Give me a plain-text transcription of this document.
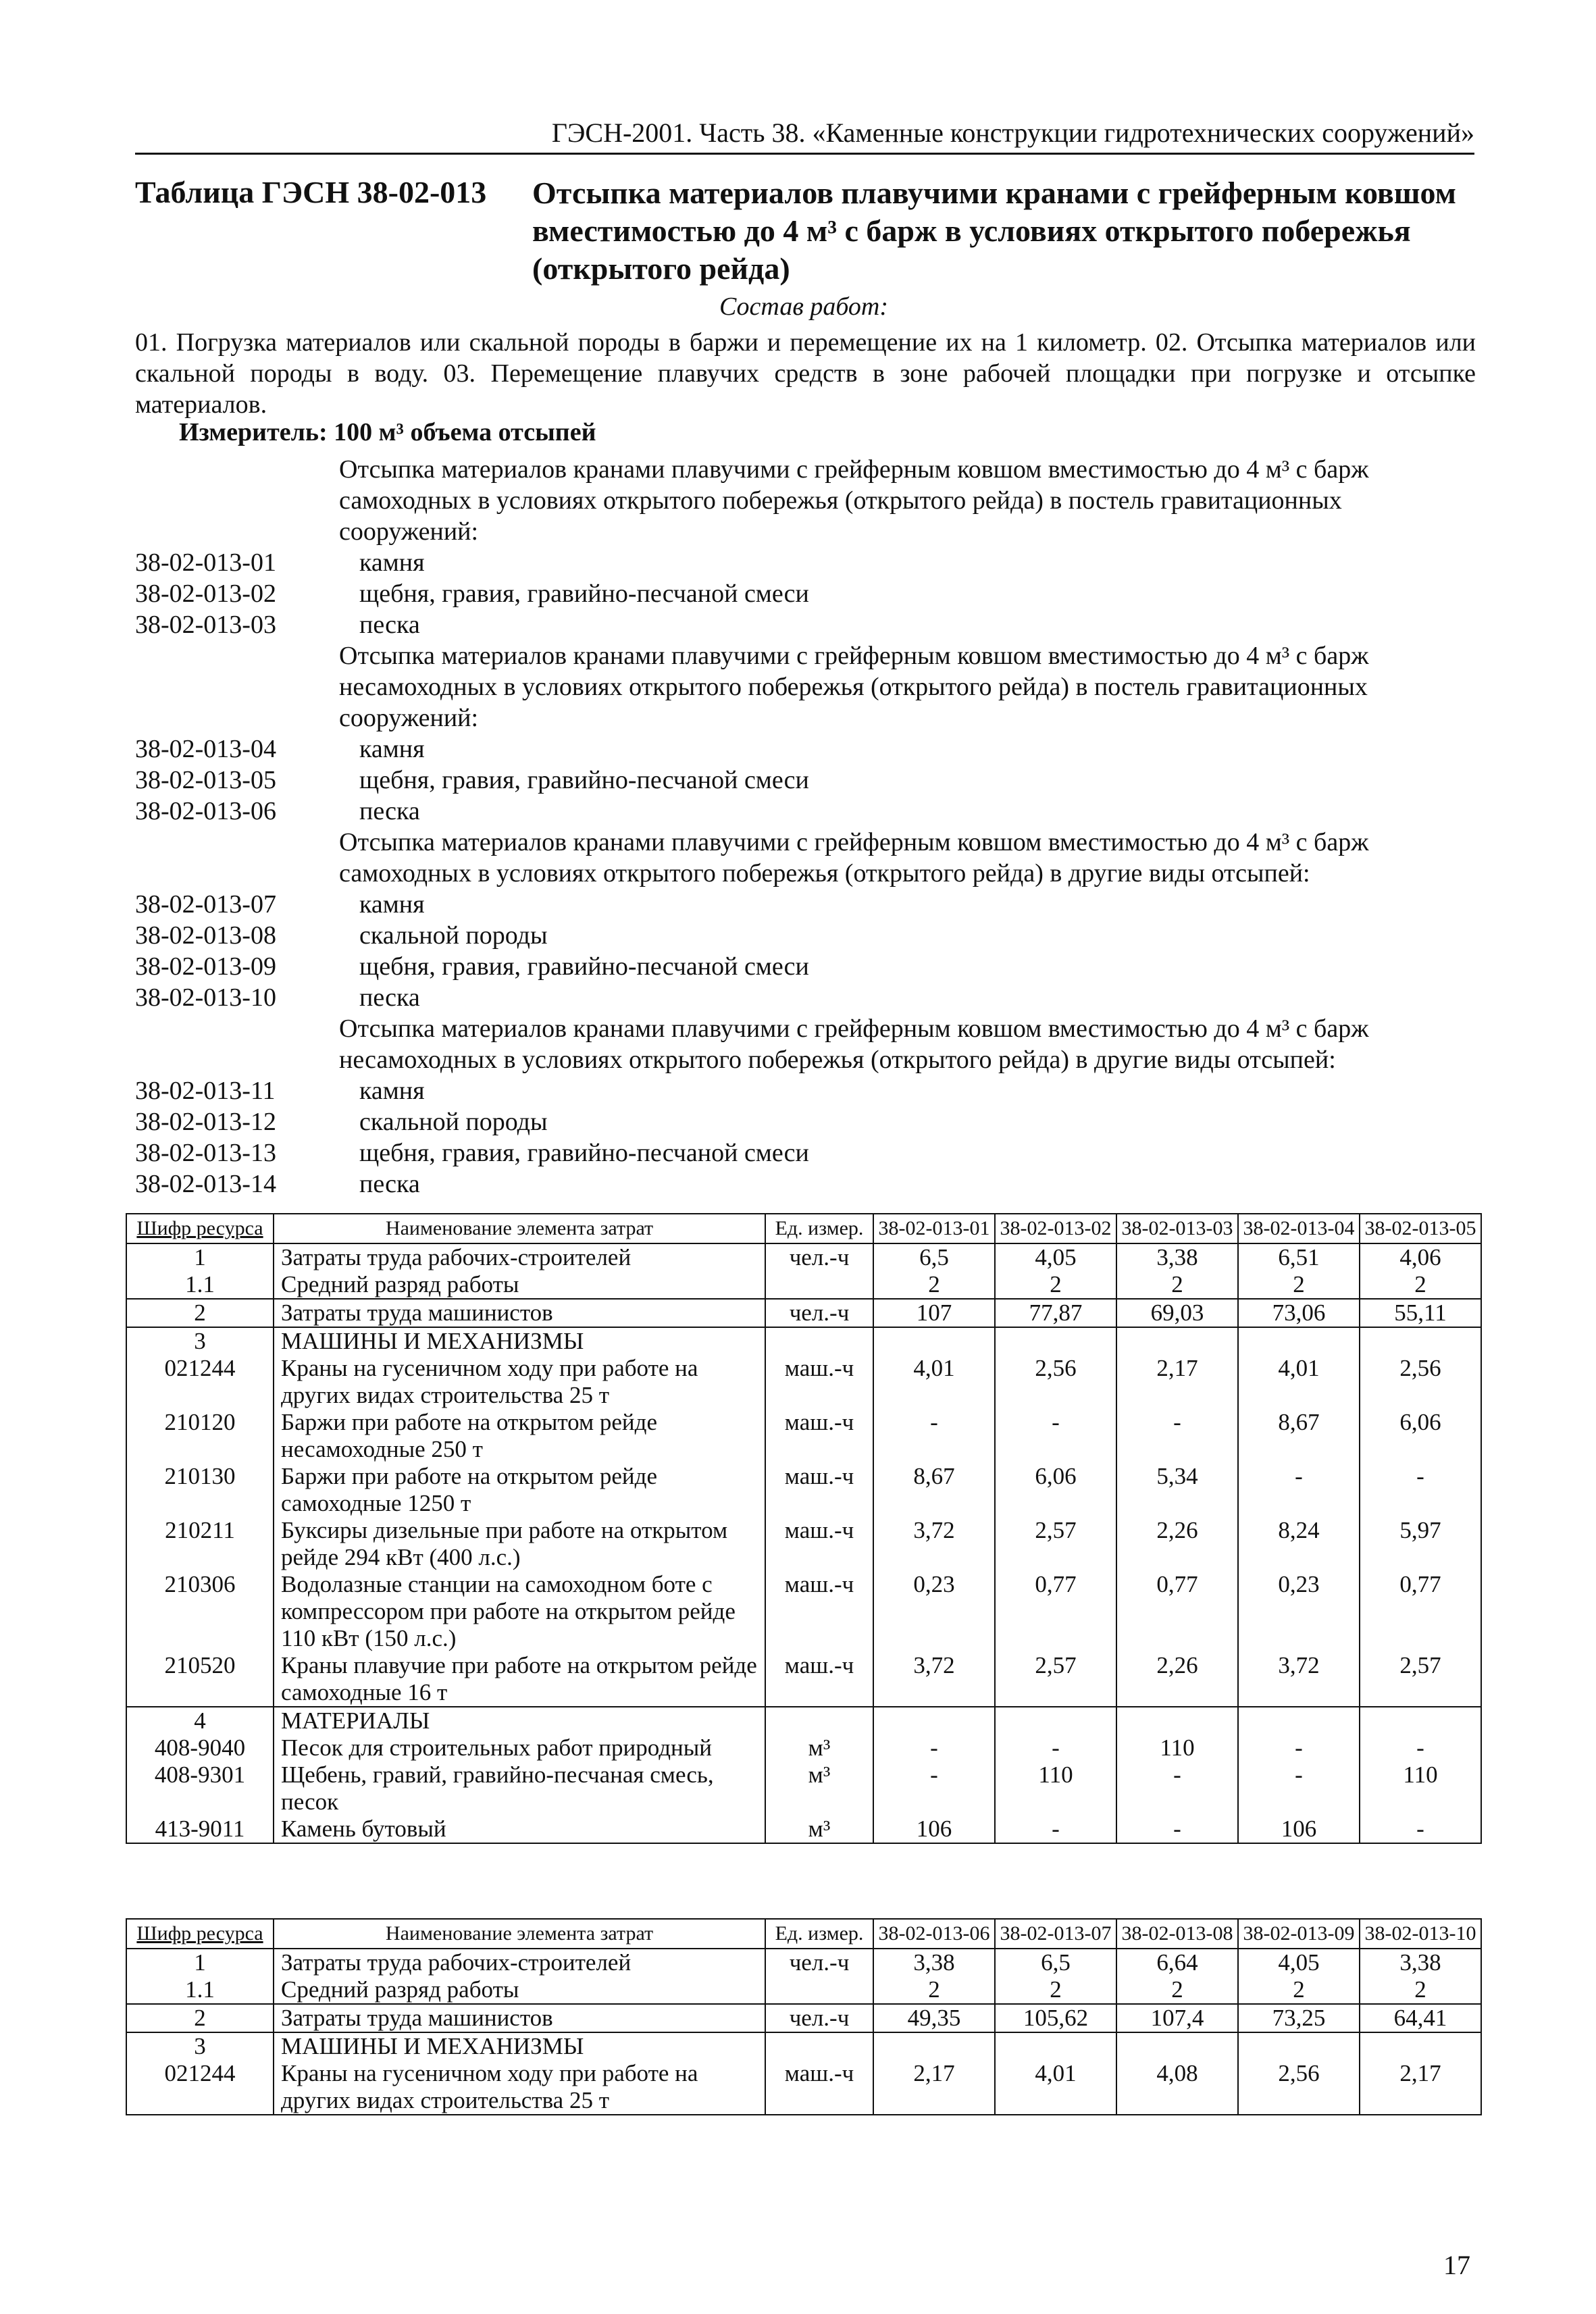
ГЭСН-2001. Часть 38. «Каменные конструкции гидротехнических сооружений»
Таблица ГЭСН 38-02-013 Отсыпка материалов плавучими кранами с грейферным ковшом вместимостью до 4 м³ с барж в условиях открытого побережья (открытого рейда)
Состав работ:
01. Погрузка материалов или скальной породы в баржи и перемещение их на 1 километр. 02. Отсыпка материалов или скальной породы в воду. 03. Перемещение плавучих средств в зоне рабочей площадки при погрузке и отсыпке материалов.
Измеритель: 100 м³ объема отсыпей
Отсыпка материалов кранами плавучими с грейферным ковшом вместимостью до 4 м³ с барж самоходных в условиях открытого побережья (открытого рейда) в постель гравитационных сооружений:
38-02-013-01	камня
38-02-013-02	щебня, гравия, гравийно-песчаной смеси
38-02-013-03	песка
Отсыпка материалов кранами плавучими с грейферным ковшом вместимостью до 4 м³ с барж несамоходных в условиях открытого побережья (открытого рейда) в постель гравитационных сооружений:
38-02-013-04	камня
38-02-013-05	щебня, гравия, гравийно-песчаной смеси
38-02-013-06	песка
Отсыпка материалов кранами плавучими с грейферным ковшом вместимостью до 4 м³ с барж самоходных в условиях открытого побережья (открытого рейда) в другие виды отсыпей:
38-02-013-07	камня
38-02-013-08	скальной породы
38-02-013-09	щебня, гравия, гравийно-песчаной смеси
38-02-013-10	песка
Отсыпка материалов кранами плавучими с грейферным ковшом вместимостью до 4 м³ с барж несамоходных в условиях открытого побережья (открытого рейда) в другие виды отсыпей:
38-02-013-11	камня
38-02-013-12	скальной породы
38-02-013-13	щебня, гравия, гравийно-песчаной смеси
38-02-013-14	песка
Шифр ресурса	Наименование элемента затрат	Ед. измер.	38-02-013-01	38-02-013-02	38-02-013-03	38-02-013-04	38-02-013-05
1	Затраты труда рабочих-строителей	чел.-ч	6,5	4,05	3,38	6,51	4,06
1.1	Средний разряд работы		2	2	2	2	2
2	Затраты труда машинистов	чел.-ч	107	77,87	69,03	73,06	55,11
3	МАШИНЫ И МЕХАНИЗМЫ						
021244	Краны на гусеничном ходу при работе на других видах строительства 25 т	маш.-ч	4,01	2,56	2,17	4,01	2,56
210120	Баржи при работе на открытом рейде несамоходные 250 т	маш.-ч	-	-	-	8,67	6,06
210130	Баржи при работе на открытом рейде самоходные 1250 т	маш.-ч	8,67	6,06	5,34	-	-
210211	Буксиры дизельные при работе на открытом рейде 294 кВт (400 л.с.)	маш.-ч	3,72	2,57	2,26	8,24	5,97
210306	Водолазные станции на самоходном боте с компрессором при работе на открытом рейде 110 кВт (150 л.с.)	маш.-ч	0,23	0,77	0,77	0,23	0,77
210520	Краны плавучие при работе на открытом рейде самоходные 16 т	маш.-ч	3,72	2,57	2,26	3,72	2,57
4	МАТЕРИАЛЫ						
408-9040	Песок для строительных работ природный	м³	-	-	110	-	-
408-9301	Щебень, гравий, гравийно-песчаная смесь, песок	м³	-	110	-	-	110
413-9011	Камень бутовый	м³	106	-	-	106	-
Шифр ресурса	Наименование элемента затрат	Ед. измер.	38-02-013-06	38-02-013-07	38-02-013-08	38-02-013-09	38-02-013-10
1	Затраты труда рабочих-строителей	чел.-ч	3,38	6,5	6,64	4,05	3,38
1.1	Средний разряд работы		2	2	2	2	2
2	Затраты труда машинистов	чел.-ч	49,35	105,62	107,4	73,25	64,41
3	МАШИНЫ И МЕХАНИЗМЫ						
021244	Краны на гусеничном ходу при работе на других видах строительства 25 т	маш.-ч	2,17	4,01	4,08	2,56	2,17
17
